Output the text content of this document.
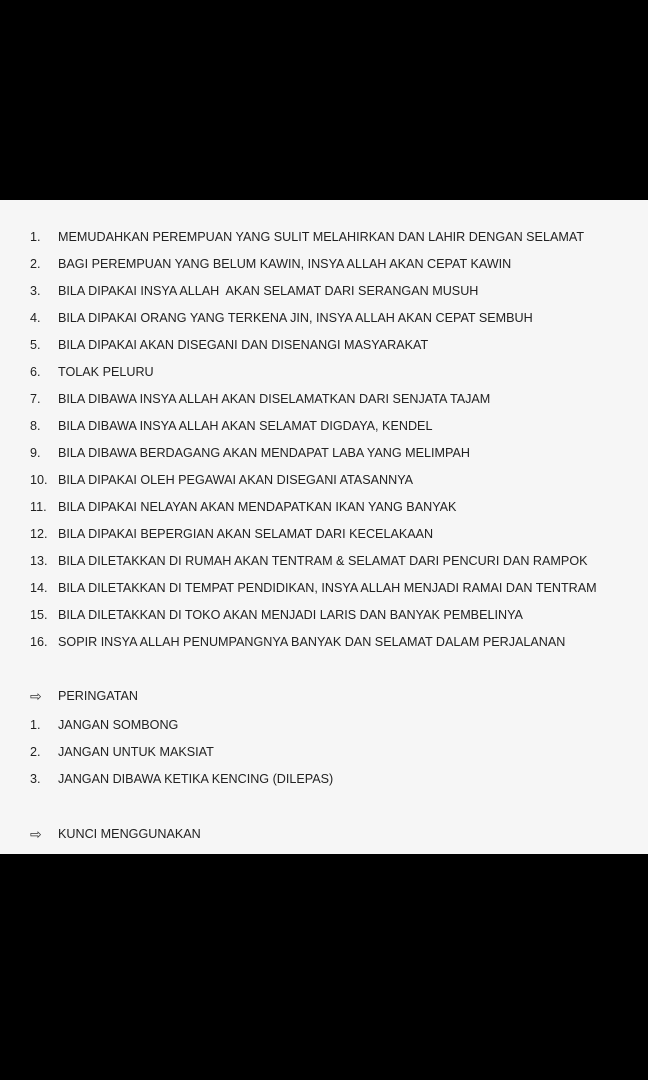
1.	MEMUDAHKAN PEREMPUAN YANG SULIT MELAHIRKAN DAN LAHIR DENGAN SELAMAT
2.	BAGI PEREMPUAN YANG BELUM KAWIN, INSYA ALLAH AKAN CEPAT KAWIN
3.	BILA DIPAKAI INSYA ALLAH  AKAN SELAMAT DARI SERANGAN MUSUH
4.	BILA DIPAKAI ORANG YANG TERKENA JIN, INSYA ALLAH AKAN CEPAT SEMBUH
5.	BILA DIPAKAI AKAN DISEGANI DAN DISENANGI MASYARAKAT
6.	TOLAK PELURU
7.	BILA DIBAWA INSYA ALLAH AKAN DISELAMATKAN DARI SENJATA TAJAM
8.	BILA DIBAWA INSYA ALLAH AKAN SELAMAT DIGDAYA, KENDEL
9.	BILA DIBAWA BERDAGANG AKAN MENDAPAT LABA YANG MELIMPAH
10. BILA DIPAKAI OLEH PEGAWAI AKAN DISEGANI ATASANNYA
11. BILA DIPAKAI NELAYAN AKAN MENDAPATKAN IKAN YANG BANYAK
12. BILA DIPAKAI BEPERGIAN AKAN SELAMAT DARI KECELAKAAN
13. BILA DILETAKKAN DI RUMAH AKAN TENTRAM & SELAMAT DARI PENCURI DAN RAMPOK
14. BILA DILETAKKAN DI TEMPAT PENDIDIKAN, INSYA ALLAH MENJADI RAMAI DAN TENTRAM
15. BILA DILETAKKAN DI TOKO AKAN MENJADI LARIS DAN BANYAK PEMBELINYA
16. SOPIR INSYA ALLAH PENUMPANGNYA BANYAK DAN SELAMAT DALAM PERJALANAN
⇨	PERINGATAN
1.	JANGAN SOMBONG
2.	JANGAN UNTUK MAKSIAT
3.	JANGAN DIBAWA KETIKA KENCING (DILEPAS)
⇨	KUNCI MENGGUNAKAN
